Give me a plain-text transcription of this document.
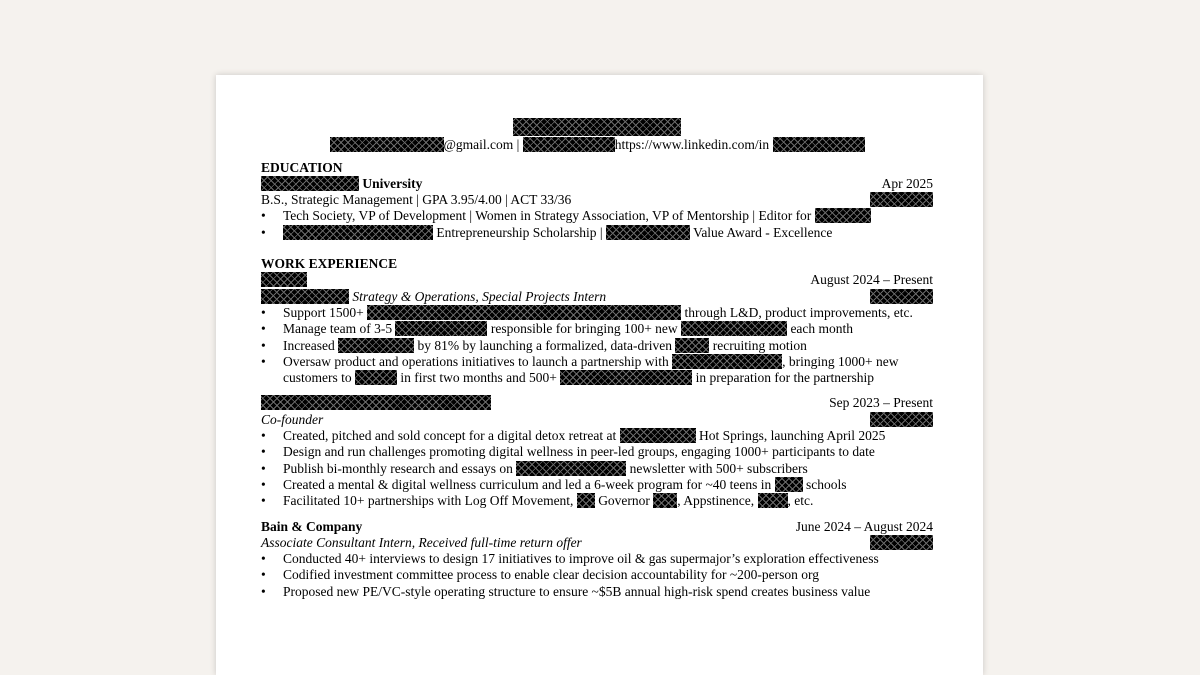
@gmail.com |	https://www.linkedin.com/in
EDUCATION
University	Apr 2025
B.S., Strategic Management | GPA 3.95/4.00 | ACT 33/36
• Tech Society, VP of Development | Women in Strategy Association, VP of Mentorship | Editor for
• Entrepreneurship Scholarship |	Value Award - Excellence
WORK EXPERIENCE
August 2024 – Present
Strategy & Operations, Special Projects Intern
• Support 1500+	through L&D, product improvements, etc.
• Manage team of 3-5	responsible for bringing 100+ new	each month
• Increased	by 81% by launching a formalized, data-driven	recruiting motion
• Oversaw product and operations initiatives to launch a partnership with	, bringing 1000+ new
customers to	in first two months and 500+	in preparation for the partnership
Sep 2023 – Present
Co-founder
• Created, pitched and sold concept for a digital detox retreat at	Hot Springs, launching April 2025
• Design and run challenges promoting digital wellness in peer-led groups, engaging 1000+ participants to date
• Publish bi-monthly research and essays on	newsletter with 500+ subscribers
• Created a mental & digital wellness curriculum and led a 6-week program for ~40 teens in	schools
• Facilitated 10+ partnerships with Log Off Movement, Governor , Appstinence, , etc.
Bain & Company	June 2024 – August 2024
Associate Consultant Intern, Received full-time return offer
• Conducted 40+ interviews to design 17 initiatives to improve oil & gas supermajor’s exploration effectiveness
• Codified investment committee process to enable clear decision accountability for ~200-person org
• Proposed new PE/VC-style operating structure to ensure ~$5B annual high-risk spend creates business value
